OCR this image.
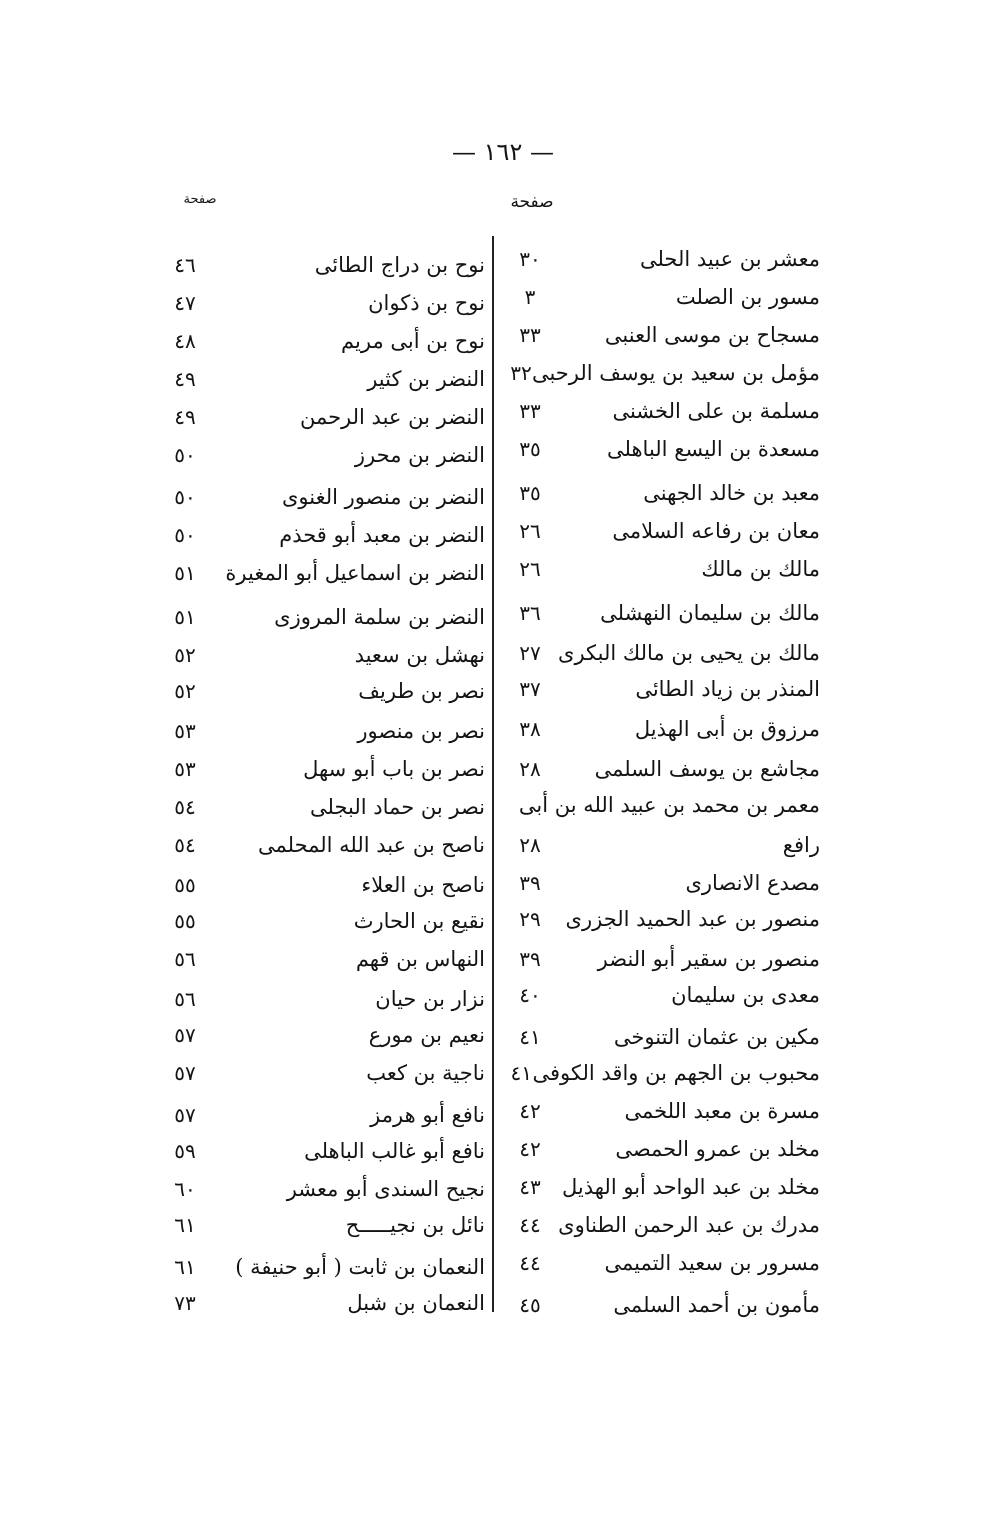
— ١٦٢ —
صفحة
صفحة
معشر بن عبيد الحلى
٣٠
مسور بن الصلت
٣
مسجاح بن موسى العنبى
٣٣
مؤمل بن سعيد بن يوسف الرحبى
٣٢
مسلمة بن على الخشنى
٣٣
مسعدة بن اليسع الباهلى
٣٥
معبد بن خالد الجهنى
٣٥
معان بن رفاعه السلامى
٢٦
مالك بن مالك
٢٦
مالك بن سليمان النهشلى
٣٦
مالك بن يحيى بن مالك البكرى
٢٧
المنذر بن زياد الطائى
٣٧
مرزوق بن أبى الهذيل
٣٨
مجاشع بن يوسف السلمى
٢٨
معمر بن محمد بن عبيد الله بن أبى
رافع
٢٨
مصدع الانصارى
٣٩
منصور بن عبد الحميد الجزرى
٢٩
منصور بن سقير أبو النضر
٣٩
معدى بن سليمان
٤٠
مكين بن عثمان التنوخى
٤١
محبوب بن الجهم بن واقد الكوفى
٤١
مسرة بن معبد اللخمى
٤٢
مخلد بن عمرو الحمصى
٤٢
مخلد بن عبد الواحد أبو الهذيل
٤٣
مدرك بن عبد الرحمن الطناوى
٤٤
مسرور بن سعيد التميمى
٤٤
مأمون بن أحمد السلمى
٤٥
نوح بن دراج الطائى
٤٦
نوح بن ذكوان
٤٧
نوح بن أبى مريم
٤٨
النضر بن كثير
٤٩
النضر بن عبد الرحمن
٤٩
النضر بن محرز
٥٠
النضر بن منصور الغنوى
٥٠
النضر بن معبد أبو قحذم
٥٠
النضر بن اسماعيل أبو المغيرة
٥١
النضر بن سلمة المروزى
٥١
نهشل بن سعيد
٥٢
نصر بن طريف
٥٢
نصر بن منصور
٥٣
نصر بن باب أبو سهل
٥٣
نصر بن حماد البجلى
٥٤
ناصح بن عبد الله المحلمى
٥٤
ناصح بن العلاء
٥٥
نقيع بن الحارث
٥٥
النهاس بن قهم
٥٦
نزار بن حيان
٥٦
نعيم بن مورع
٥٧
ناجية بن كعب
٥٧
نافع أبو هرمز
٥٧
نافع أبو غالب الباهلى
٥٩
نجيح السندى أبو معشر
٦٠
نائل بن نجيـــــح
٦١
النعمان بن ثابت ( أبو حنيفة )
٦١
النعمان بن شبل
٧٣
